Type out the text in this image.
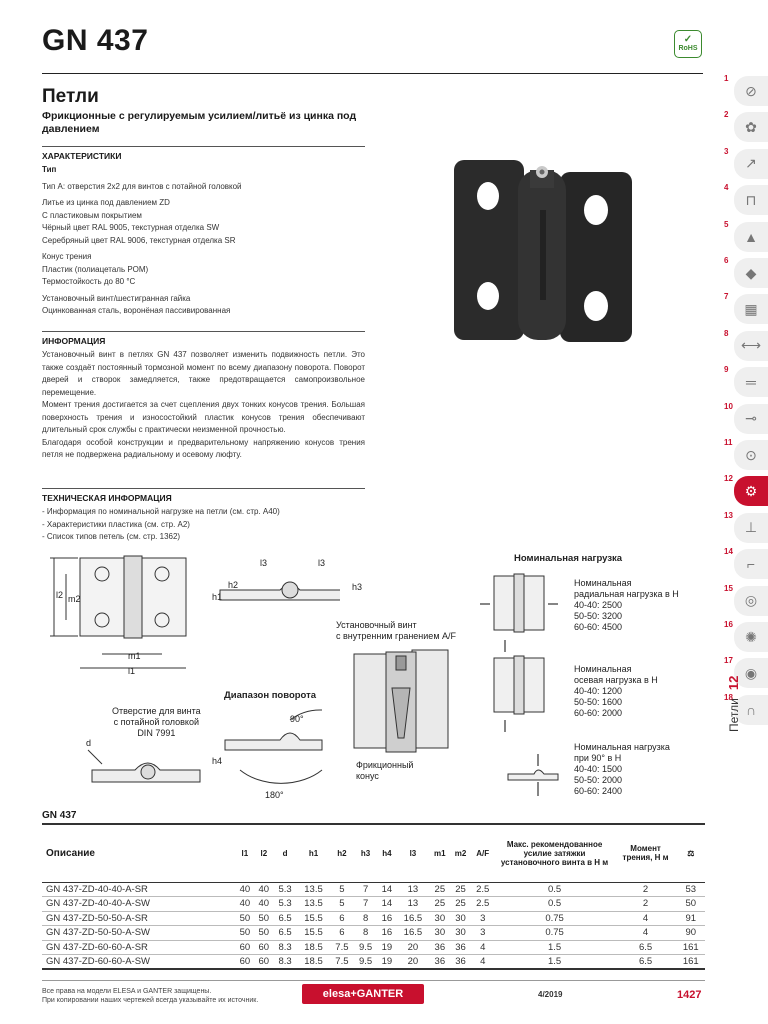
GN 437	✓
RoHS
Петли
Фрикционные с регулируемым усилием/литьё из цинка под давлением
ХАРАКТЕРИСТИКИ

Тип

Тип A: отверстия 2x2 для винтов с потайной головкой

Литье из цинка под давлением ZD

С пластиковым покрытием

Чёрный цвет RAL 9005, текстурная отделка SW

Серебряный цвет RAL 9006, текстурная отделка SR

Конус трения

Пластик (полиацеталь POM)

Термостойкость до 80 °C

Установочный винт/шестигранная гайка

Оцинкованная сталь, воронёная пассивированная

ИНФОРМАЦИЯ

Установочный винт в петлях GN 437 позволяет изменить подвижность петли. Это также создаёт постоянный тормозной момент по всему диапазону поворота. Поворот дверей и створок замедляется, также предотвращается самопроизвольное перемещение.

Момент трения достигается за счет сцепления двух тонких конусов трения. Большая поверхность трения и износостойкий пластик конусов трения обеспечивают длительный срок службы с практически неизменной прочностью.

Благодаря особой конструкции и предварительному напряжению конусов трения петля не подвержена радиальному и осевому люфту.

ТЕХНИЧЕСКАЯ ИНФОРМАЦИЯ

- Информация по номинальной нагрузке на петли (см. стр. A40)

- Характеристики пластика (см. стр. A2)

- Список типов петель (см. стр. 1362)

l2 m2
m1
l1
h1
h2	h3
l3	l3
h4
d
90°
180°
Диапазон поворота
Отверстие для винта
с потайной головкой
DIN 7991
Установочный винт
с внутренним гранением A/F
Фрикционный
конус
Номинальная нагрузка
Номинальная
радиальная нагрузка в Н
40-40: 2500
50-50: 3200
60-60: 4500
Номинальная
осевая нагрузка в Н
40-40: 1200
50-50: 1600
60-60: 2000
Номинальная нагрузка
при 90° в Н
40-40: 1500
50-50: 2000
60-60: 2400
1
⊘
2
✿
3
↗
4
⊓
5
▲
6
◆
7
▦
8
⟷
9
═
10
⊸
11
⊙
12
⚙
13
⊥
14
⌐
15
◎
16
✺
17
◉
18
∩
Петли12
GN 437
Описание	l1	l2	d	h1	h2	h3	h4	l3	m1	m2	A/F	Макс. рекомендованное усилие затяжки установочного винта в Н м	Момент трения, Н м	⚖
GN 437-ZD-40-40-A-SR	40	40	5.3	13.5	5	7	14	13	25	25	2.5	0.5	2	53
GN 437-ZD-40-40-A-SW	40	40	5.3	13.5	5	7	14	13	25	25	2.5	0.5	2	50
GN 437-ZD-50-50-A-SR	50	50	6.5	15.5	6	8	16	16.5	30	30	3	0.75	4	91
GN 437-ZD-50-50-A-SW	50	50	6.5	15.5	6	8	16	16.5	30	30	3	0.75	4	90
GN 437-ZD-60-60-A-SR	60	60	8.3	18.5	7.5	9.5	19	20	36	36	4	1.5	6.5	161
GN 437-ZD-60-60-A-SW	60	60	8.3	18.5	7.5	9.5	19	20	36	36	4	1.5	6.5	161
Все права на модели ELESA и GANTER защищены.
При копировании наших чертежей всегда указывайте их источник.
elesa+GANTER	4/2019	1427
